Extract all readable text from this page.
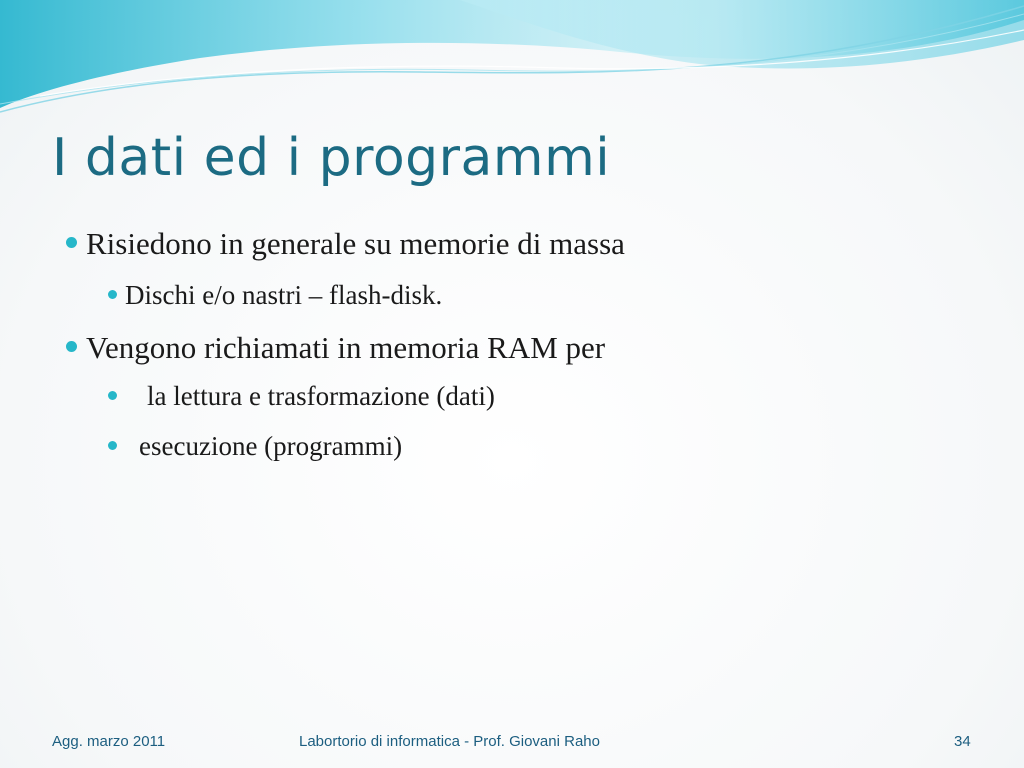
I dati ed i programmi
Risiedono in generale su memorie di massa
Dischi e/o nastri – flash-disk.
Vengono richiamati in memoria RAM per
la lettura e trasformazione (dati)
esecuzione (programmi)
Agg. marzo 2011	Labortorio di informatica - Prof. Giovani Raho	34
